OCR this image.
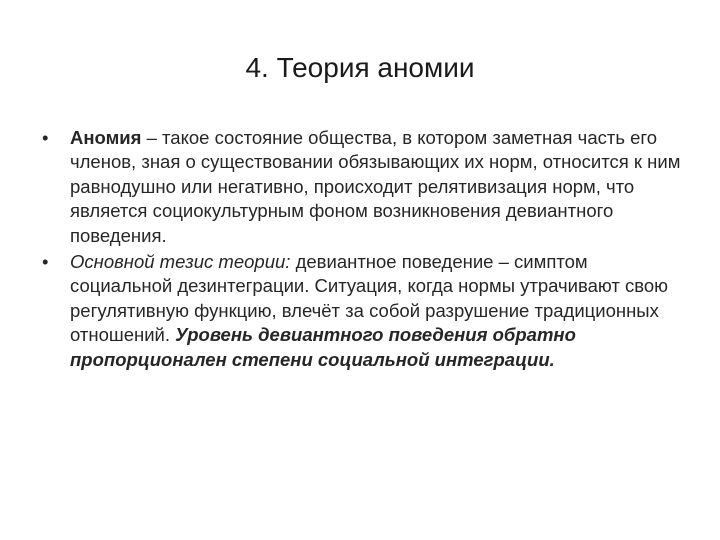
4. Теория аномии
• Аномия – такое состояние общества, в котором заметная часть его членов, зная о существовании обязывающих их норм, относится к ним равнодушно или негативно, происходит релятивизация норм, что является социокультурным фоном возникновения девиантного поведения.
• Основной тезис теории: девиантное поведение – симптом социальной дезинтеграции. Ситуация, когда нормы утрачивают свою регулятивную функцию, влечёт за собой разрушение традиционных отношений. Уровень девиантного поведения обратно пропорционален степени социальной интеграции.
